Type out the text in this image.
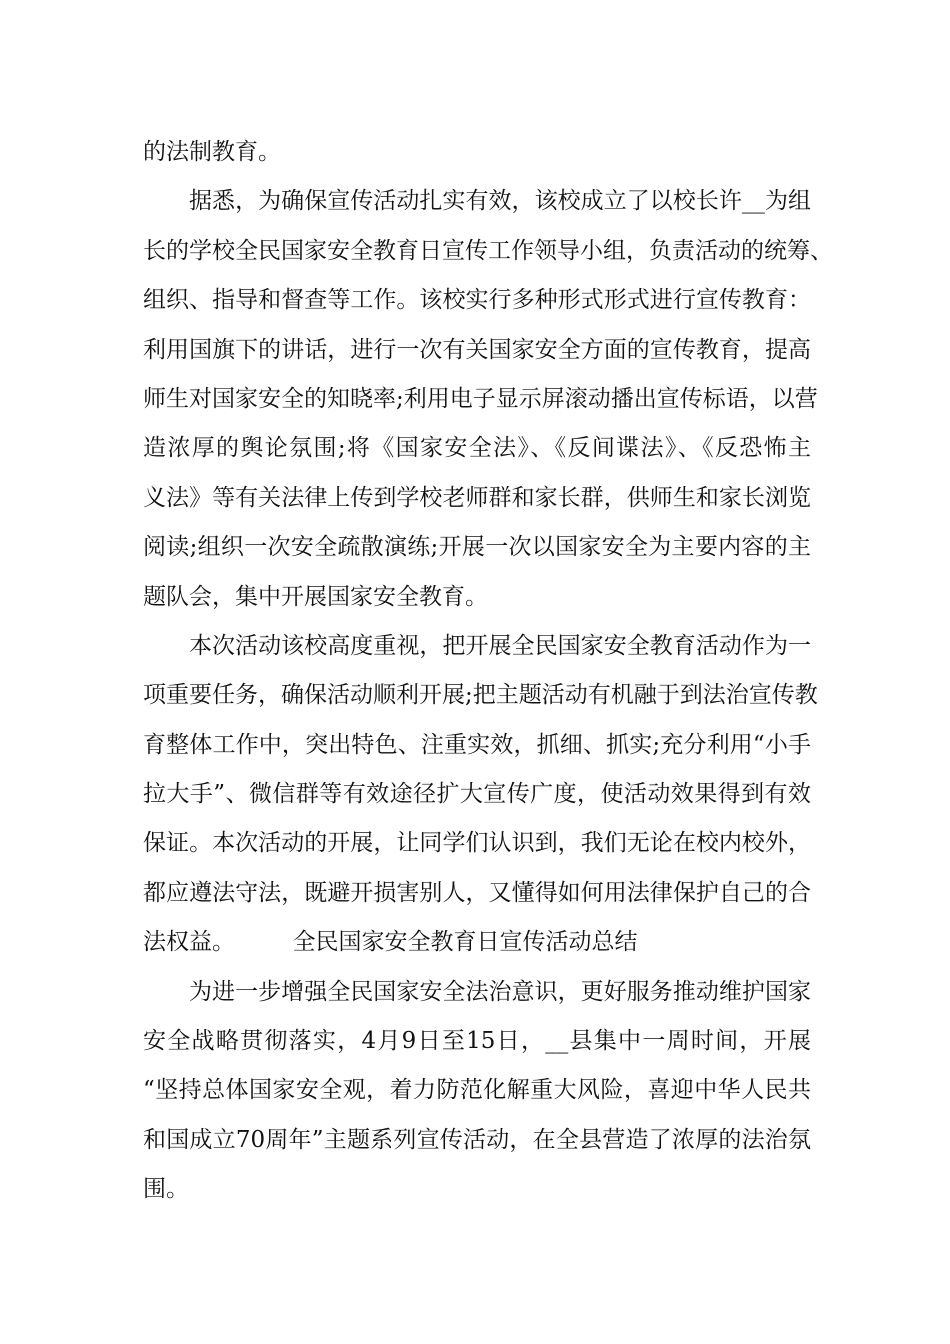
的法制教育。
据悉，为确保宣传活动扎实有效，该校成立了以校长许__为组
长的学校全民国家安全教育日宣传工作领导小组，负责活动的统筹、
组织、指导和督查等工作。该校实行多种形式形式进行宣传教育：
利用国旗下的讲话，进行一次有关国家安全方面的宣传教育，提高
师生对国家安全的知晓率;利用电子显示屏滚动播出宣传标语，以营
造浓厚的舆论氛围;将《国家安全法》、《反间谍法》、《反恐怖主
义法》等有关法律上传到学校老师群和家长群，供师生和家长浏览
阅读;组织一次安全疏散演练;开展一次以国家安全为主要内容的主
题队会，集中开展国家安全教育。
本次活动该校高度重视，把开展全民国家安全教育活动作为一
项重要任务，确保活动顺利开展;把主题活动有机融于到法治宣传教
育整体工作中，突出特色、注重实效，抓细、抓实;充分利用“小手
拉大手”、微信群等有效途径扩大宣传广度，使活动效果得到有效
保证。本次活动的开展，让同学们认识到，我们无论在校内校外，
都应遵法守法，既避开损害别人，又懂得如何用法律保护自己的合
法权益。　　　全民国家安全教育日宣传活动总结
为进一步增强全民国家安全法治意识，更好服务推动维护国家
安全战略贯彻落实，4月9日至15日，__县集中一周时间，开展
“坚持总体国家安全观，着力防范化解重大风险，喜迎中华人民共
和国成立70周年”主题系列宣传活动，在全县营造了浓厚的法治氛
围。
